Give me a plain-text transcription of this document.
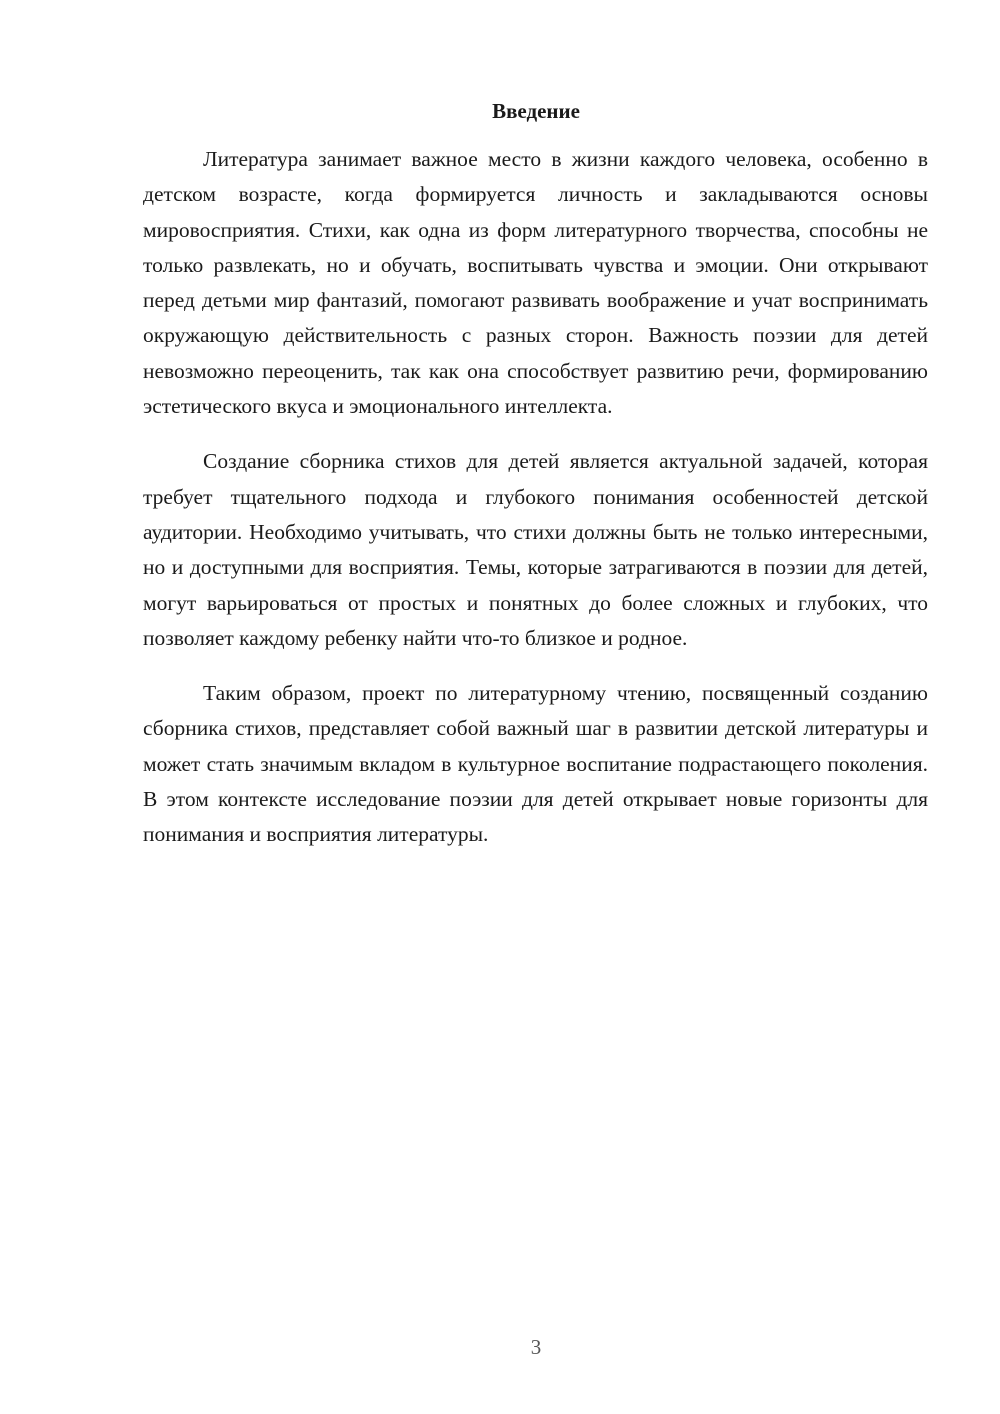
Введение

Литература занимает важное место в жизни каждого человека, особенно в детском возрасте, когда формируется личность и закладываются основы мировосприятия. Стихи, как одна из форм литературного творчества, способны не только развлекать, но и обучать, воспитывать чувства и эмоции. Они открывают перед детьми мир фантазий, помогают развивать воображение и учат воспринимать окружающую действительность с разных сторон. Важность поэзии для детей невозможно переоценить, так как она способствует развитию речи, формированию эстетического вкуса и эмоционального интеллекта.

Создание сборника стихов для детей является актуальной задачей, которая требует тщательного подхода и глубокого понимания особенностей детской аудитории. Необходимо учитывать, что стихи должны быть не только интересными, но и доступными для восприятия. Темы, которые затрагиваются в поэзии для детей, могут варьироваться от простых и понятных до более сложных и глубоких, что позволяет каждому ребенку найти что-то близкое и родное.

Таким образом, проект по литературному чтению, посвященный созданию сборника стихов, представляет собой важный шаг в развитии детской литературы и может стать значимым вкладом в культурное воспитание подрастающего поколения. В этом контексте исследование поэзии для детей открывает новые горизонты для понимания и восприятия литературы.

3
